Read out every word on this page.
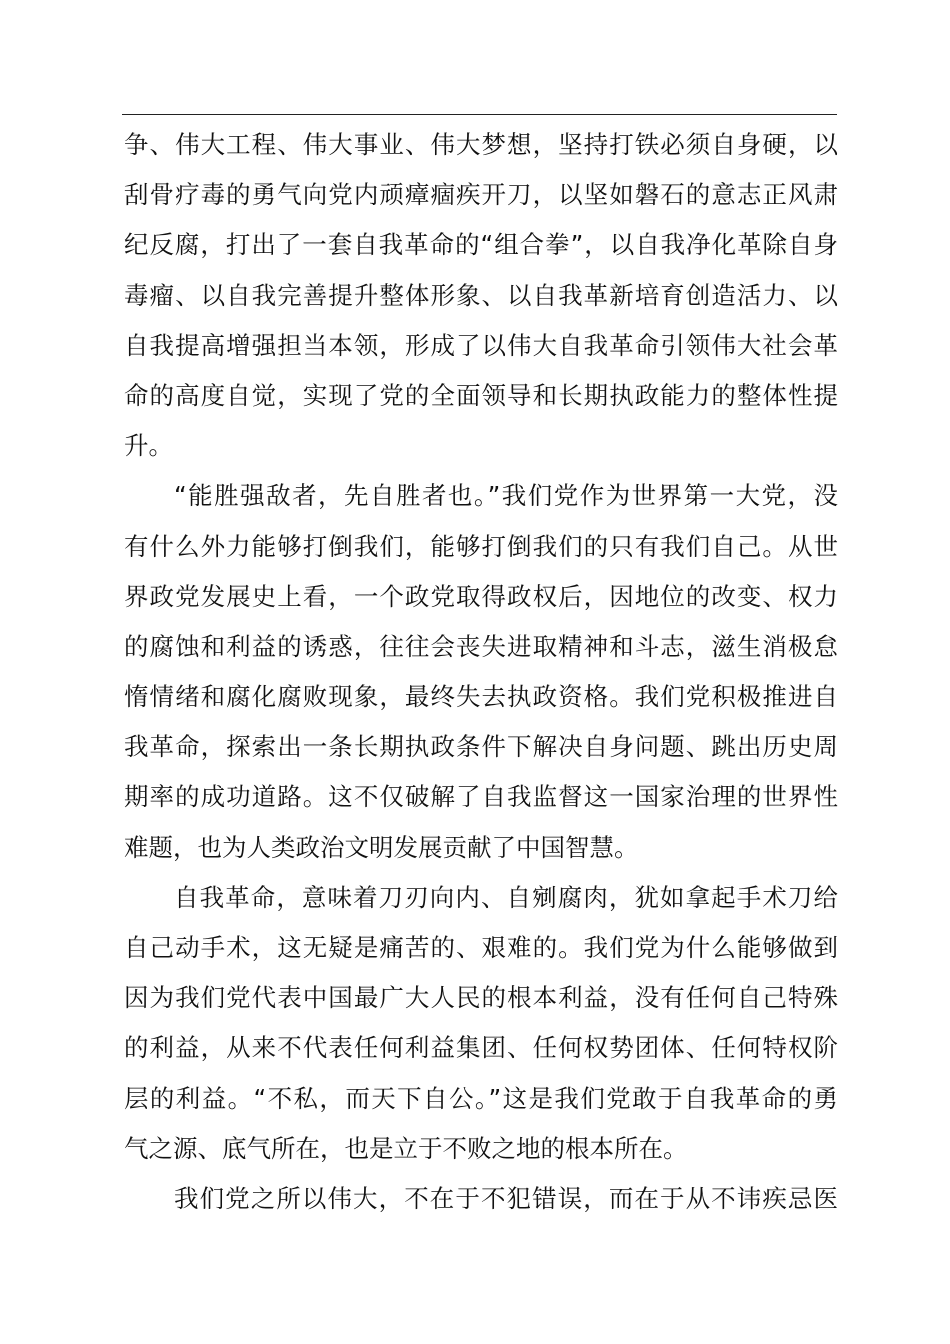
争、伟大工程、伟大事业、伟大梦想，坚持打铁必须自身硬，以
刮骨疗毒的勇气向党内顽瘴痼疾开刀，以坚如磐石的意志正风肃
纪反腐，打出了一套自我革命的“组合拳”，以自我净化革除自身
毒瘤、以自我完善提升整体形象、以自我革新培育创造活力、以
自我提高增强担当本领，形成了以伟大自我革命引领伟大社会革
命的高度自觉，实现了党的全面领导和长期执政能力的整体性提
升。
“能胜强敌者，先自胜者也。”我们党作为世界第一大党，没
有什么外力能够打倒我们，能够打倒我们的只有我们自己。从世
界政党发展史上看，一个政党取得政权后，因地位的改变、权力
的腐蚀和利益的诱惑，往往会丧失进取精神和斗志，滋生消极怠
惰情绪和腐化腐败现象，最终失去执政资格。我们党积极推进自
我革命，探索出一条长期执政条件下解决自身问题、跳出历史周
期率的成功道路。这不仅破解了自我监督这一国家治理的世界性
难题，也为人类政治文明发展贡献了中国智慧。
自我革命，意味着刀刃向内、自剜腐肉，犹如拿起手术刀给
自己动手术，这无疑是痛苦的、艰难的。我们党为什么能够做到
因为我们党代表中国最广大人民的根本利益，没有任何自己特殊
的利益，从来不代表任何利益集团、任何权势团体、任何特权阶
层的利益。“不私，而天下自公。”这是我们党敢于自我革命的勇
气之源、底气所在，也是立于不败之地的根本所在。
我们党之所以伟大，不在于不犯错误，而在于从不讳疾忌医
